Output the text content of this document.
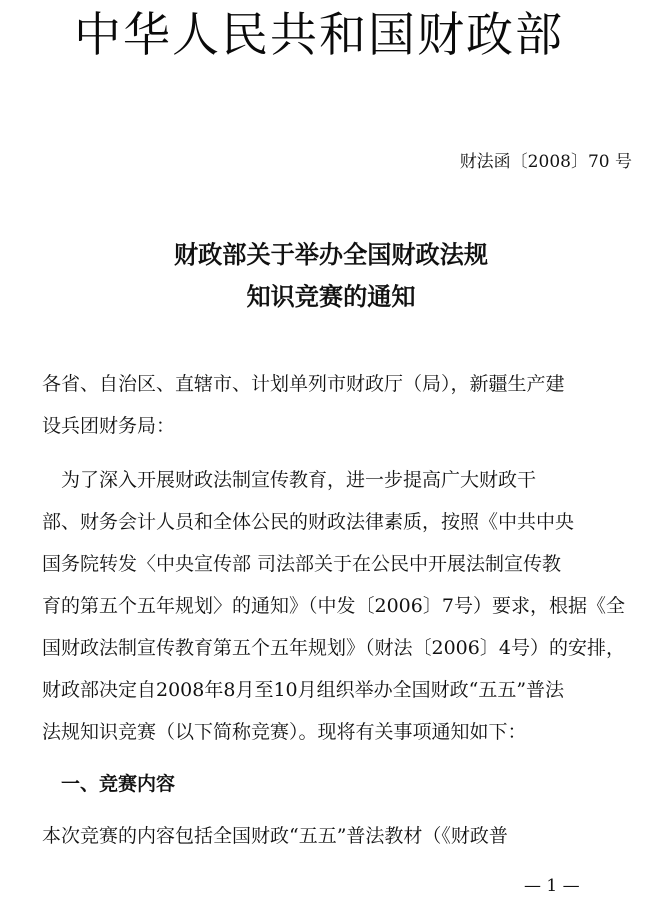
中华人民共和国财政部
财法函〔2008〕70 号
财政部关于举办全国财政法规
知识竞赛的通知
各省、自治区、直辖市、计划单列市财政厅（局），新疆生产建
设兵团财务局：
　为了深入开展财政法制宣传教育，进一步提高广大财政干
部、财务会计人员和全体公民的财政法律素质，按照《中共中央
国务院转发〈中央宣传部 司法部关于在公民中开展法制宣传教
育的第五个五年规划〉的通知》（中发〔2006〕7号）要求，根据《全
国财政法制宣传教育第五个五年规划》（财法〔2006〕4号）的安排，
财政部决定自2008年8月至10月组织举办全国财政“五五”普法
法规知识竞赛（以下简称竞赛）。现将有关事项通知如下：
　一、竞赛内容
本次竞赛的内容包括全国财政“五五”普法教材（《财政普
— 1 —
